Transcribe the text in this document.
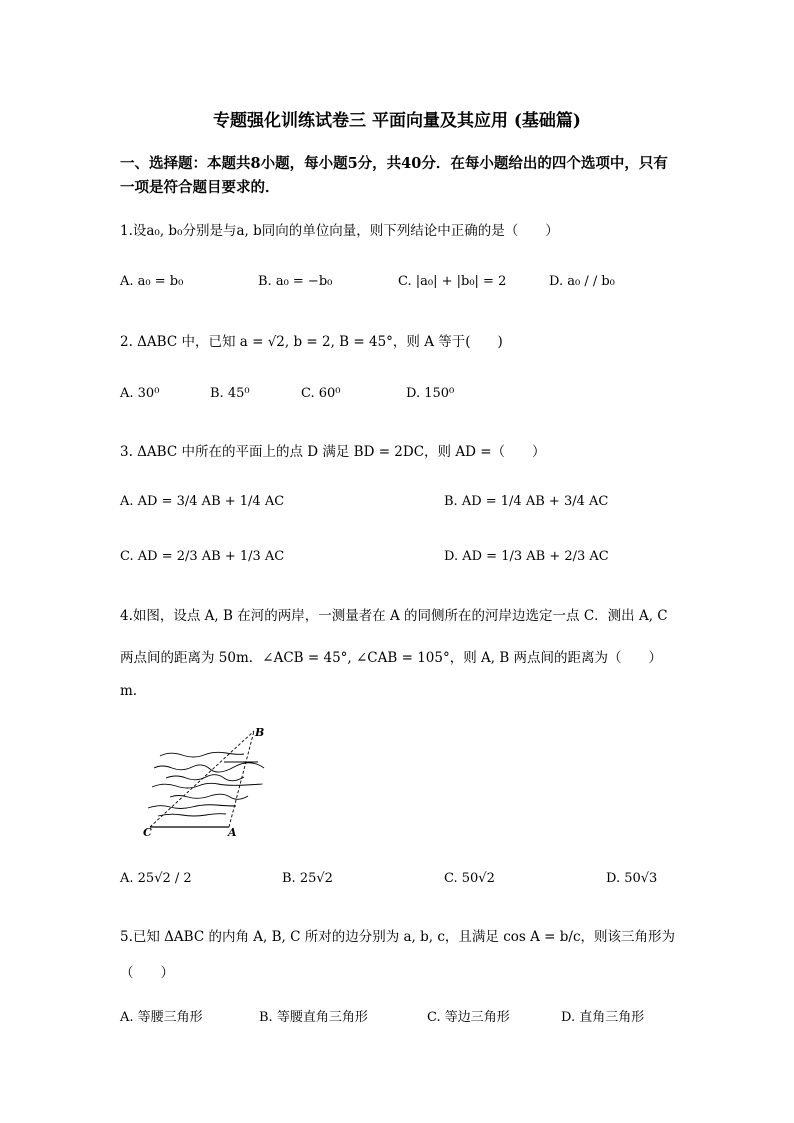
专题强化训练试卷三 平面向量及其应用 (基础篇)
一、选择题：本题共8小题，每小题5分，共40分．在每小题给出的四个选项中，只有一项是符合题目要求的．
1.设a₀, b₀分别是与a, b同向的单位向量，则下列结论中正确的是（　　）
A. a₀ = b₀	B. a₀ = −b₀	C. |a₀| + |b₀| = 2	D. a₀ / / b₀
2. ΔABC 中，已知 a = √2, b = 2, B = 45°，则 A 等于(　　)
A. 30⁰	B. 45⁰	C. 60⁰	D. 150⁰
3. ΔABC 中所在的平面上的点 D 满足 BD = 2DC，则 AD =（　　）
A. AD = 3/4 AB + 1/4 AC	B. AD = 1/4 AB + 3/4 AC
C. AD = 2/3 AB + 1/3 AC	D. AD = 1/3 AB + 2/3 AC
4.如图，设点 A, B 在河的两岸，一测量者在 A 的同侧所在的河岸边选定一点 C．测出 A, C
两点间的距离为 50m．∠ACB = 45°, ∠CAB = 105°，则 A, B 两点间的距离为（　　）
m.
B
C	A
A. 25√2 / 2	B. 25√2	C. 50√2	D. 50√3
5.已知 ΔABC 的内角 A, B, C 所对的边分别为 a, b, c，且满足 cos A = b/c，则该三角形为
（　　）
A. 等腰三角形	B. 等腰直角三角形	C. 等边三角形	D. 直角三角形
